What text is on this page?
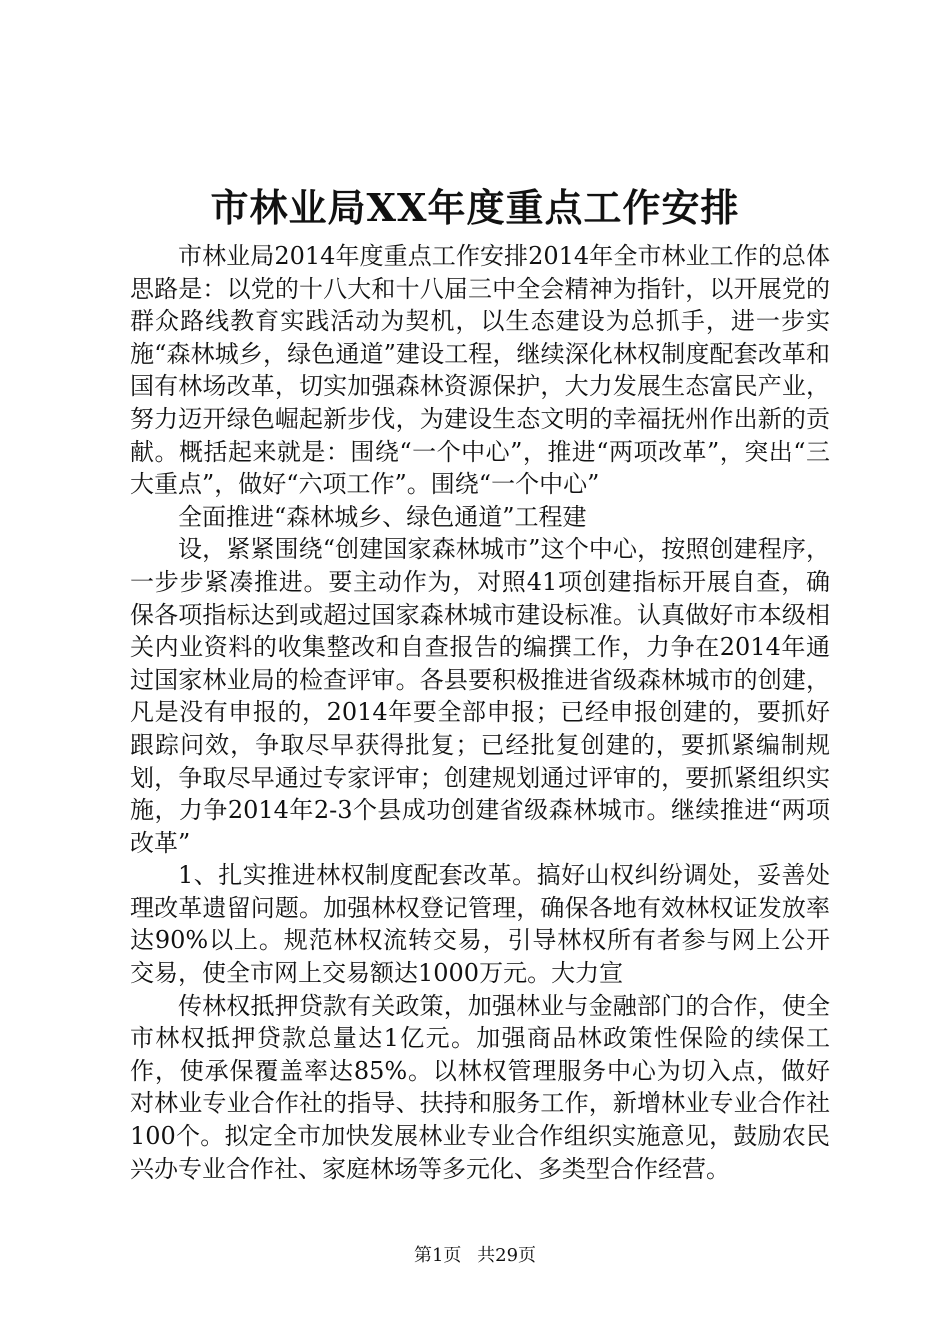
市林业局XX年度重点工作安排

市林业局2014年度重点工作安排2014年全市林业工作的总体思路是：以党的十八大和十八届三中全会精神为指针，以开展党的群众路线教育实践活动为契机，以生态建设为总抓手，进一步实施“森林城乡，绿色通道”建设工程，继续深化林权制度配套改革和国有林场改革，切实加强森林资源保护，大力发展生态富民产业，努力迈开绿色崛起新步伐，为建设生态文明的幸福抚州作出新的贡献。概括起来就是：围绕“一个中心”，推进“两项改革”，突出“三大重点”，做好“六项工作”。围绕“一个中心”

全面推进“森林城乡、绿色通道”工程建

设，紧紧围绕“创建国家森林城市”这个中心，按照创建程序，一步步紧凑推进。要主动作为，对照41项创建指标开展自查，确保各项指标达到或超过国家森林城市建设标准。认真做好市本级相关内业资料的收集整改和自查报告的编撰工作，力争在2014年通过国家林业局的检查评审。各县要积极推进省级森林城市的创建，凡是没有申报的，2014年要全部申报；已经申报创建的，要抓好跟踪问效，争取尽早获得批复；已经批复创建的，要抓紧编制规划，争取尽早通过专家评审；创建规划通过评审的，要抓紧组织实施，力争2014年2-3个县成功创建省级森林城市。继续推进“两项改革”

1、扎实推进林权制度配套改革。搞好山权纠纷调处，妥善处理改革遗留问题。加强林权登记管理，确保各地有效林权证发放率达90%以上。规范林权流转交易，引导林权所有者参与网上公开交易，使全市网上交易额达1000万元。大力宣

传林权抵押贷款有关政策，加强林业与金融部门的合作，使全市林权抵押贷款总量达1亿元。加强商品林政策性保险的续保工作，使承保覆盖率达85%。以林权管理服务中心为切入点，做好对林业专业合作社的指导、扶持和服务工作，新增林业专业合作社100个。拟定全市加快发展林业专业合作组织实施意见，鼓励农民兴办专业合作社、家庭林场等多元化、多类型合作经营。

第1页 共29页
